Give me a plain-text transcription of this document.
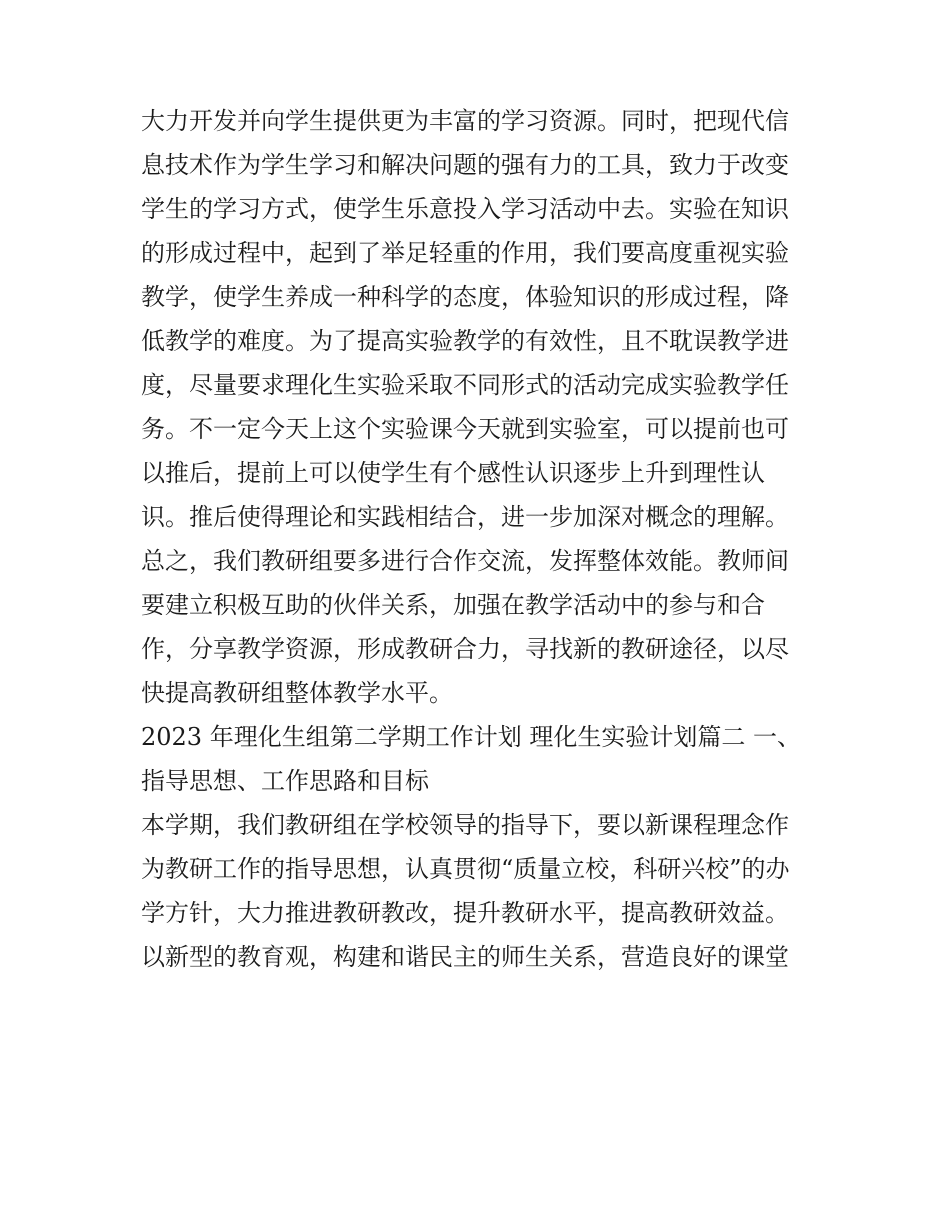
大力开发并向学生提供更为丰富的学习资源。同时，把现代信
息技术作为学生学习和解决问题的强有力的工具，致力于改变
学生的学习方式，使学生乐意投入学习活动中去。实验在知识
的形成过程中，起到了举足轻重的作用，我们要高度重视实验
教学，使学生养成一种科学的态度，体验知识的形成过程，降
低教学的难度。为了提高实验教学的有效性，且不耽误教学进
度，尽量要求理化生实验采取不同形式的活动完成实验教学任
务。不一定今天上这个实验课今天就到实验室，可以提前也可
以推后，提前上可以使学生有个感性认识逐步上升到理性认
识。推后使得理论和实践相结合，进一步加深对概念的理解。
总之，我们教研组要多进行合作交流，发挥整体效能。教师间
要建立积极互助的伙伴关系，加强在教学活动中的参与和合
作，分享教学资源，形成教研合力，寻找新的教研途径，以尽
快提高教研组整体教学水平。
2023 年理化生组第二学期工作计划 理化生实验计划篇二 一、
指导思想、工作思路和目标
本学期，我们教研组在学校领导的指导下，要以新课程理念作
为教研工作的指导思想，认真贯彻“质量立校，科研兴校”的办
学方针，大力推进教研教改，提升教研水平，提高教研效益。
以新型的教育观，构建和谐民主的师生关系，营造良好的课堂
